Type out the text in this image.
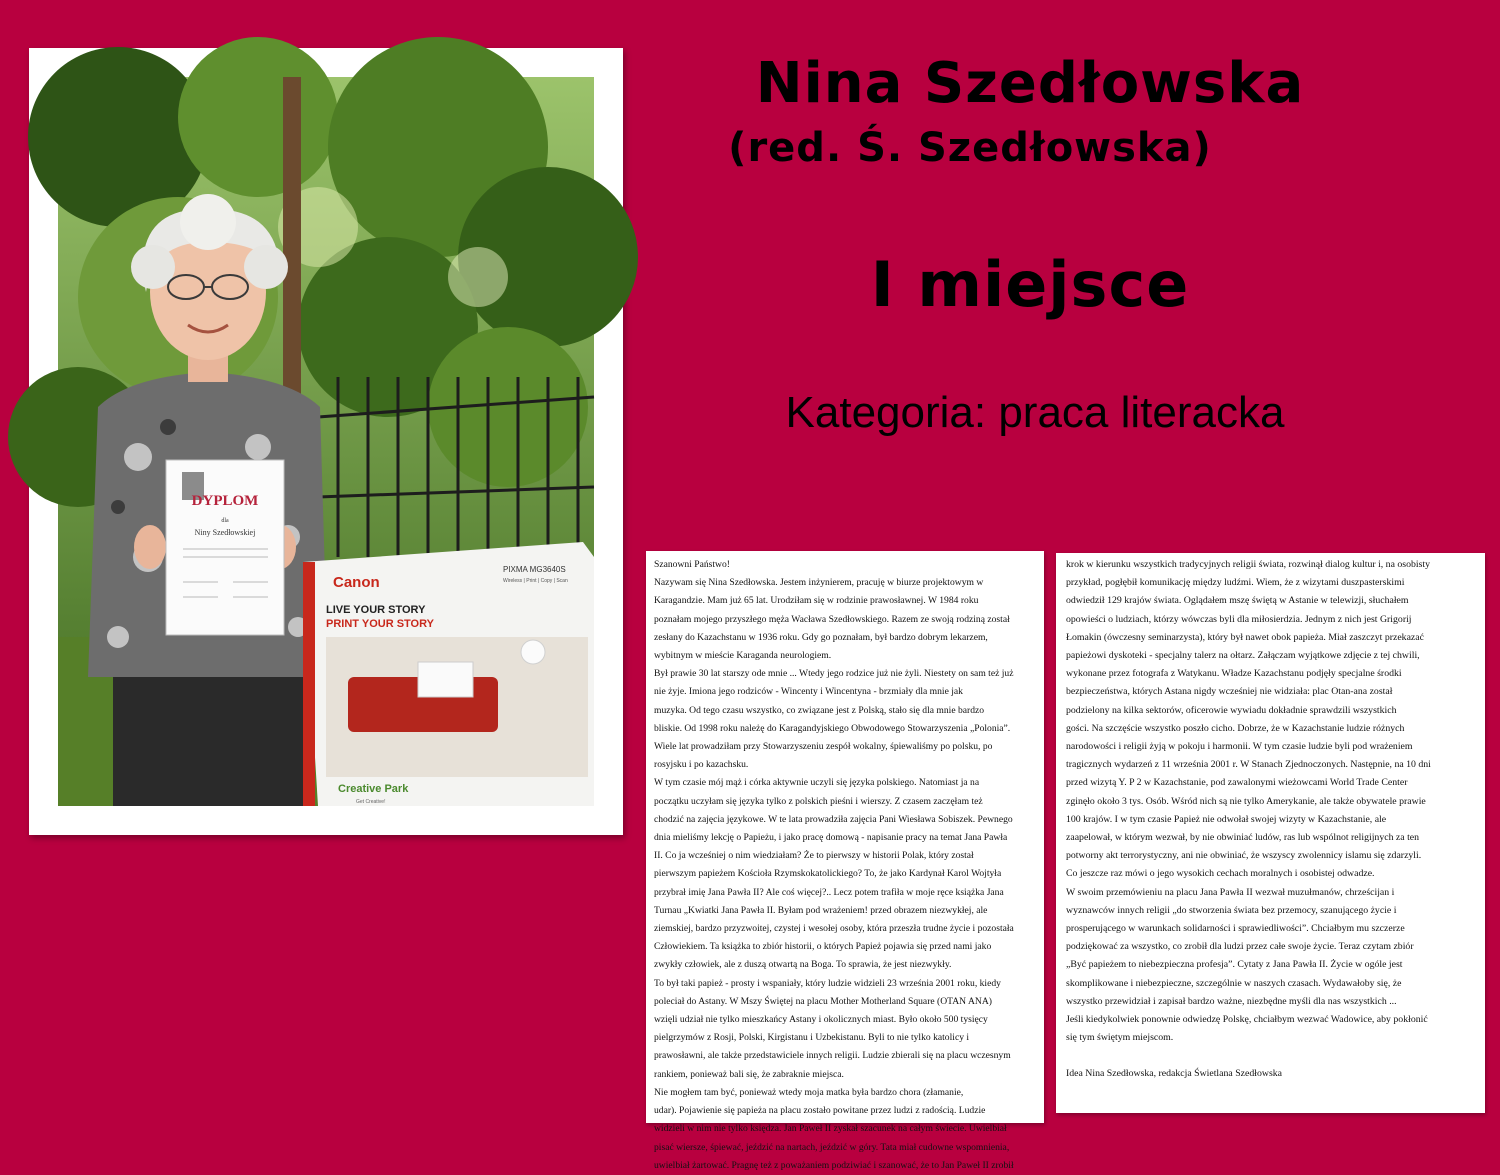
DYPLOM
dla
Niny Szedłowskiej
Canon
PIXMA MG3640S
Wireless | Print | Copy | Scan
LIVE YOUR STORY
PRINT YOUR STORY
Creative Park
Get Creative!
Nina Szedłowska
(red. Ś. Szedłowska)
I miejsce
Kategoria: praca literacka

Szanowni Państwo!

Nazywam się Nina Szedłowska. Jestem inżynierem, pracuję w biurze projektowym w

Karagandzie. Mam już 65 lat. Urodziłam się w rodzinie prawosławnej. W 1984 roku

poznałam mojego przyszłego męża Wacława Szedłowskiego. Razem ze swoją rodziną został

zesłany do Kazachstanu w 1936 roku. Gdy go poznałam, był bardzo dobrym lekarzem,

wybitnym w mieście Karaganda neurologiem.

Był prawie 30 lat starszy ode mnie ... Wtedy jego rodzice już nie żyli. Niestety on sam też już

nie żyje. Imiona jego rodziców - Wincenty i Wincentyna - brzmiały dla mnie jak

muzyka. Od tego czasu wszystko, co związane jest z Polską, stało się dla mnie bardzo

bliskie. Od 1998 roku należę do Karagandyjskiego Obwodowego Stowarzyszenia „Polonia”.

Wiele lat prowadziłam przy Stowarzyszeniu zespół wokalny, śpiewaliśmy po polsku, po

rosyjsku i po kazachsku.

W tym czasie mój mąż i córka aktywnie uczyli się języka polskiego. Natomiast ja na

początku uczyłam się języka tylko z polskich pieśni i wierszy. Z czasem zaczęłam też

chodzić na zajęcia językowe. W te lata prowadziła zajęcia Pani Wiesława Sobiszek. Pewnego

dnia mieliśmy lekcję o Papieżu, i jako pracę domową - napisanie pracy na temat Jana Pawła

II. Co ja wcześniej o nim wiedziałam? Że to pierwszy w historii Polak, który został

pierwszym papieżem Kościoła Rzymskokatolickiego? To, że jako Kardynał Karol Wojtyła

przybrał imię Jana Pawła II? Ale coś więcej?.. Lecz potem trafiła w moje ręce książka Jana

Turnau „Kwiatki Jana Pawła II. Byłam pod wrażeniem! przed obrazem niezwykłej, ale

ziemskiej, bardzo przyzwoitej, czystej i wesołej osoby, która przeszła trudne życie i pozostała

Człowiekiem. Ta książka to zbiór historii, o których Papież pojawia się przed nami jako

zwykły człowiek, ale z duszą otwartą na Boga. To sprawia, że jest niezwykły.

To był taki papież - prosty i wspaniały, który ludzie widzieli 23 września 2001 roku, kiedy

poleciał do Astany. W Mszy Świętej na placu Mother Motherland Square (OTAN ANA)

wzięli udział nie tylko mieszkańcy Astany i okolicznych miast. Było około 500 tysięcy

pielgrzymów z Rosji, Polski, Kirgistanu i Uzbekistanu. Byli to nie tylko katolicy i

prawosławni, ale także przedstawiciele innych religii. Ludzie zbierali się na placu wczesnym

rankiem, ponieważ bali się, że zabraknie miejsca.

Nie mogłem tam być, ponieważ wtedy moja matka była bardzo chora (złamanie,

udar). Pojawienie się papieża na placu zostało powitane przez ludzi z radością. Ludzie

widzieli w nim nie tylko księdza. Jan Paweł II zyskał szacunek na całym świecie. Uwielbiał

pisać wiersze, śpiewać, jeździć na nartach, jeździć w góry. Tata miał cudowne wspomnienia,

uwielbiał żartować. Pragnę też z poważaniem podziwiać i szanować, że to Jan Paweł II zrobił

krok w kierunku wszystkich tradycyjnych religii świata, rozwinął dialog kultur i, na osobisty

przykład, pogłębił komunikację między ludźmi. Wiem, że z wizytami duszpasterskimi

odwiedził 129 krajów świata. Oglądałem mszę świętą w Astanie w telewizji, słuchałem

opowieści o ludziach, którzy wówczas byli dla miłosierdzia. Jednym z nich jest Grigorij

Łomakin (ówczesny seminarzysta), który był nawet obok papieża. Miał zaszczyt przekazać

papieżowi dyskoteki - specjalny talerz na ołtarz. Załączam wyjątkowe zdjęcie z tej chwili,

wykonane przez fotografa z Watykanu. Władze Kazachstanu podjęły specjalne środki

bezpieczeństwa, których Astana nigdy wcześniej nie widziała: plac Otan-ana został

podzielony na kilka sektorów, oficerowie wywiadu dokładnie sprawdzili wszystkich

gości. Na szczęście wszystko poszło cicho. Dobrze, że w Kazachstanie ludzie różnych

narodowości i religii żyją w pokoju i harmonii. W tym czasie ludzie byli pod wrażeniem

tragicznych wydarzeń z 11 września 2001 r. W Stanach Zjednoczonych. Następnie, na 10 dni

przed wizytą Y. P 2 w Kazachstanie, pod zawalonymi wieżowcami World Trade Center

zginęło około 3 tys. Osób. Wśród nich są nie tylko Amerykanie, ale także obywatele prawie

100 krajów. I w tym czasie Papież nie odwołał swojej wizyty w Kazachstanie, ale

zaapelował, w którym wezwał, by nie obwiniać ludów, ras lub wspólnot religijnych za ten

potworny akt terrorystyczny, ani nie obwiniać, że wszyscy zwolennicy islamu się zdarzyli.

Co jeszcze raz mówi o jego wysokich cechach moralnych i osobistej odwadze.

W swoim przemówieniu na placu Jana Pawła II wezwał muzułmanów, chrześcijan i

wyznawców innych religii „do stworzenia świata bez przemocy, szanującego życie i

prosperującego w warunkach solidarności i sprawiedliwości”. Chciałbym mu szczerze

podziękować za wszystko, co zrobił dla ludzi przez całe swoje życie. Teraz czytam zbiór

„Być papieżem to niebezpieczna profesja”. Cytaty z Jana Pawła II. Życie w ogóle jest

skomplikowane i niebezpieczne, szczególnie w naszych czasach. Wydawałoby się, że

wszystko przewidział i zapisał bardzo ważne, niezbędne myśli dla nas wszystkich ...

Jeśli kiedykolwiek ponownie odwiedzę Polskę, chciałbym wezwać Wadowice, aby pokłonić

się tym świętym miejscom.

Idea Nina Szedłowska, redakcja Świetlana Szedłowska
